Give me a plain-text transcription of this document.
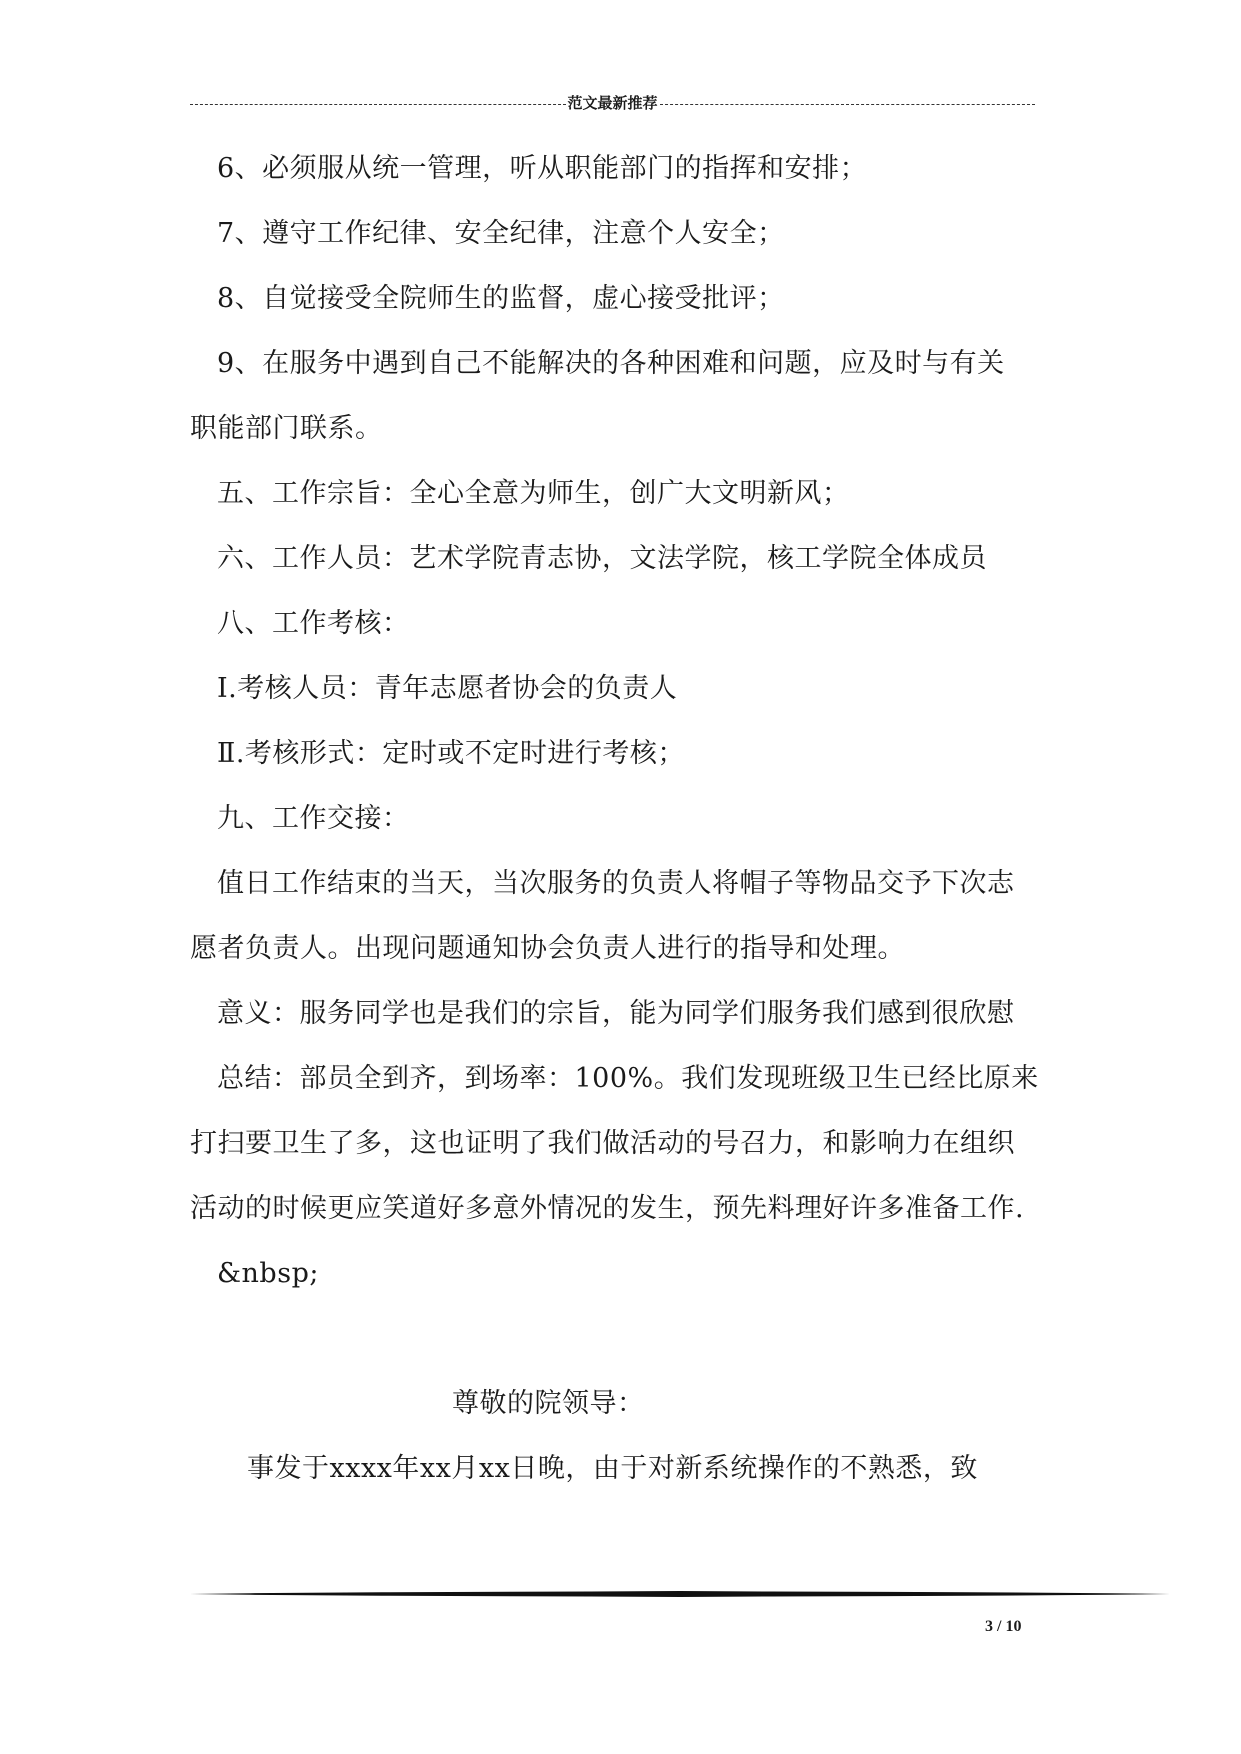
范文最新推荐
6、必须服从统一管理，听从职能部门的指挥和安排；
7、遵守工作纪律、安全纪律，注意个人安全；
8、自觉接受全院师生的监督，虚心接受批评；
9、在服务中遇到自己不能解决的各种困难和问题，应及时与有关
职能部门联系。
五、工作宗旨：全心全意为师生，创广大文明新风；
六、工作人员：艺术学院青志协，文法学院，核工学院全体成员
八、工作考核：
Ⅰ.考核人员：青年志愿者协会的负责人
Ⅱ.考核形式：定时或不定时进行考核；
九、工作交接：
值日工作结束的当天，当次服务的负责人将帽子等物品交予下次志
愿者负责人。出现问题通知协会负责人进行的指导和处理。
意义：服务同学也是我们的宗旨，能为同学们服务我们感到很欣慰
总结：部员全到齐，到场率：100%。我们发现班级卫生已经比原来
打扫要卫生了多，这也证明了我们做活动的号召力，和影响力在组织
活动的时候更应笑道好多意外情况的发生，预先料理好许多准备工作.
&nbsp;
尊敬的院领导：
事发于xxxx年xx月xx日晚，由于对新系统操作的不熟悉，致
3 / 10
